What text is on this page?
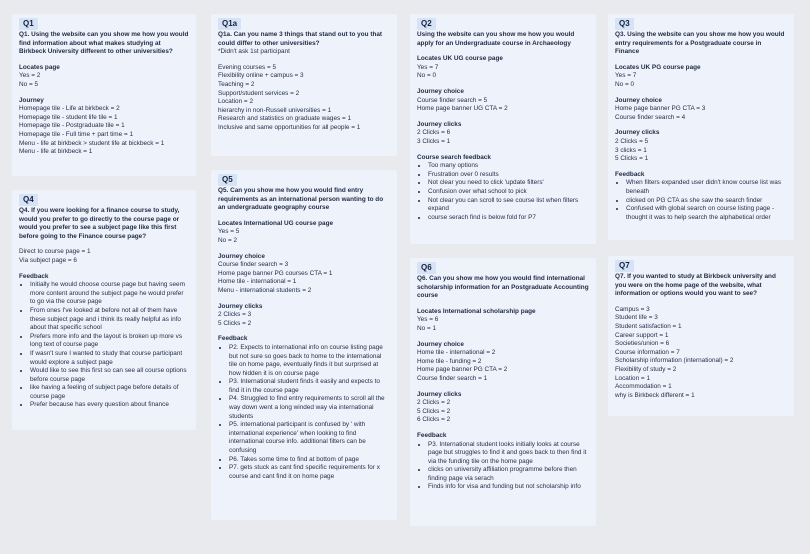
Q1
Q1. Using the website can you show me how you would find information about what makes studying at Birkbeck University different to other universities?
Locates page
Yes = 2
No = 5
Journey
Homepage tile - Life at birkbeck = 2
Homepage tile - student life tile = 1
Homepage tile - Postgraduate tile = 1
Homepage tile - Full time + part time = 1
Menu - life at birkbeck > student life at bickbeck = 1
Menu - life at birkbeck = 1
Q1a
Q1a. Can you name 3 things that stand out to you that could differ to other universities?
*Didn't ask 1st participant
Evening courses = 5
Flexibility online + campus = 3
Teaching = 2
Support/student services = 2
Location = 2
hierarchy in non-Russell universities = 1
Research and statistics on graduate wages = 1
Inclusive and same opportunities for all people = 1
Q2
Using the website can you show me how you would apply for an Undergraduate course in Archaeology
Locates UK UG course page
Yes = 7
No = 0
Journey choice
Course finder search = 5
Home page banner UG CTA = 2
Journey clicks
2 Clicks = 6
3 Clicks = 1
Course search feedback
• Too many options
• Frustration over 0 results
• Not clear you need to click 'update filters'
• Confusion over what school to pick
• Not clear you can scroll to see course list when filters expand
• course serach find is below fold for P7
Q3
Q3. Using the website can you show me how you would entry requirements for a Postgraduate course in Finance
Locates UK PG course page
Yes = 7
No = 0
Journey choice
Home page banner PG CTA = 3
Course finder search = 4
Journey clicks
2 Clicks = 5
3 clicks = 1
5 Clicks = 1
Feedback
• When filters expanded user didn't know course list was beneath
• clicked on PG CTA as she saw the search finder
• Confused with global search on course listing page - thought it was to help search the alphabetical order
Q4
Q4. If you were looking for a finance course to study, would you prefer to go directly to the course page or would you prefer to see a subject page like this first before going to the Finance course page?
Direct to course page = 1
Via subject page = 6
Feedback
• Initially he would choose course page but having seem more content around the subject page he would prefer to go via the course page
• From ones I've looked at before not all of them have these subject page and i think its really helpful as info about that specific school
• Prefers more info and the layout is broken up more vs long text of course page
• If wasn't sure I wanted to study that course participant would explore a subject page
• Would like to see this first so can see all course options before course page
• like having a feeling of subject page before details of course page
• Prefer because has every question about finance
Q5
Q5. Can you show me how you would find entry requirements as an international person wanting to do an undergraduate geography course
Locates International UG course page
Yes = 5
No = 2
Journey choice
Course finder search = 3
Home page banner PG courses CTA = 1
Home tile - international = 1
Menu - international students = 2
Journey clicks
2 Clicks = 3
5 Clicks = 2
Feedback
• P2. Expects to international info on course listing page but not sure so goes back to home to the international tile on home page, eventually finds it but surprised at how hidden it is on course page
• P3. International student finds it easily and expects to find it in the course page
• P4. Struggled to find entry requirements to scroll all the way down went a long winded way via international students
• P5. international participant is confused by ' with international experience' when looking to find international course info. additional filters can be confusing
• P6. Takes some time to find at bottom of page
• P7. gets stuck as cant find specific requirements for x course and cant find it on home page
Q6
Q6. Can you show me how you would find international scholarship information for an Postgraduate Accounting course
Locates International scholarship page
Yes = 6
No = 1
Journey choice
Home tile - international = 2
Home tile - funding = 2
Home page banner PG CTA = 2
Course finder search = 1
Journey clicks
2 Clicks = 2
5 Clicks = 2
6 Clicks = 2
Feedback
• P3. International student looks initially looks at course page but struggles to find it and goes back to then find it via the funding tile on the home page
• clicks on university affiliation programme before then finding page via serach
• Finds info for visa and funding but not scholarship info
Q7
Q7. If you wanted to study at Birkbeck university and you were on the home page of the website, what information or options would you want to see?
Campus = 3
Student life = 3
Student satisfaction = 1
Career support = 1
Societies/union = 6
Course information = 7
Scholarship information (international) = 2
Flexibility of study = 2
Location = 1
Accommodation = 1
why is Birkbeck different = 1
